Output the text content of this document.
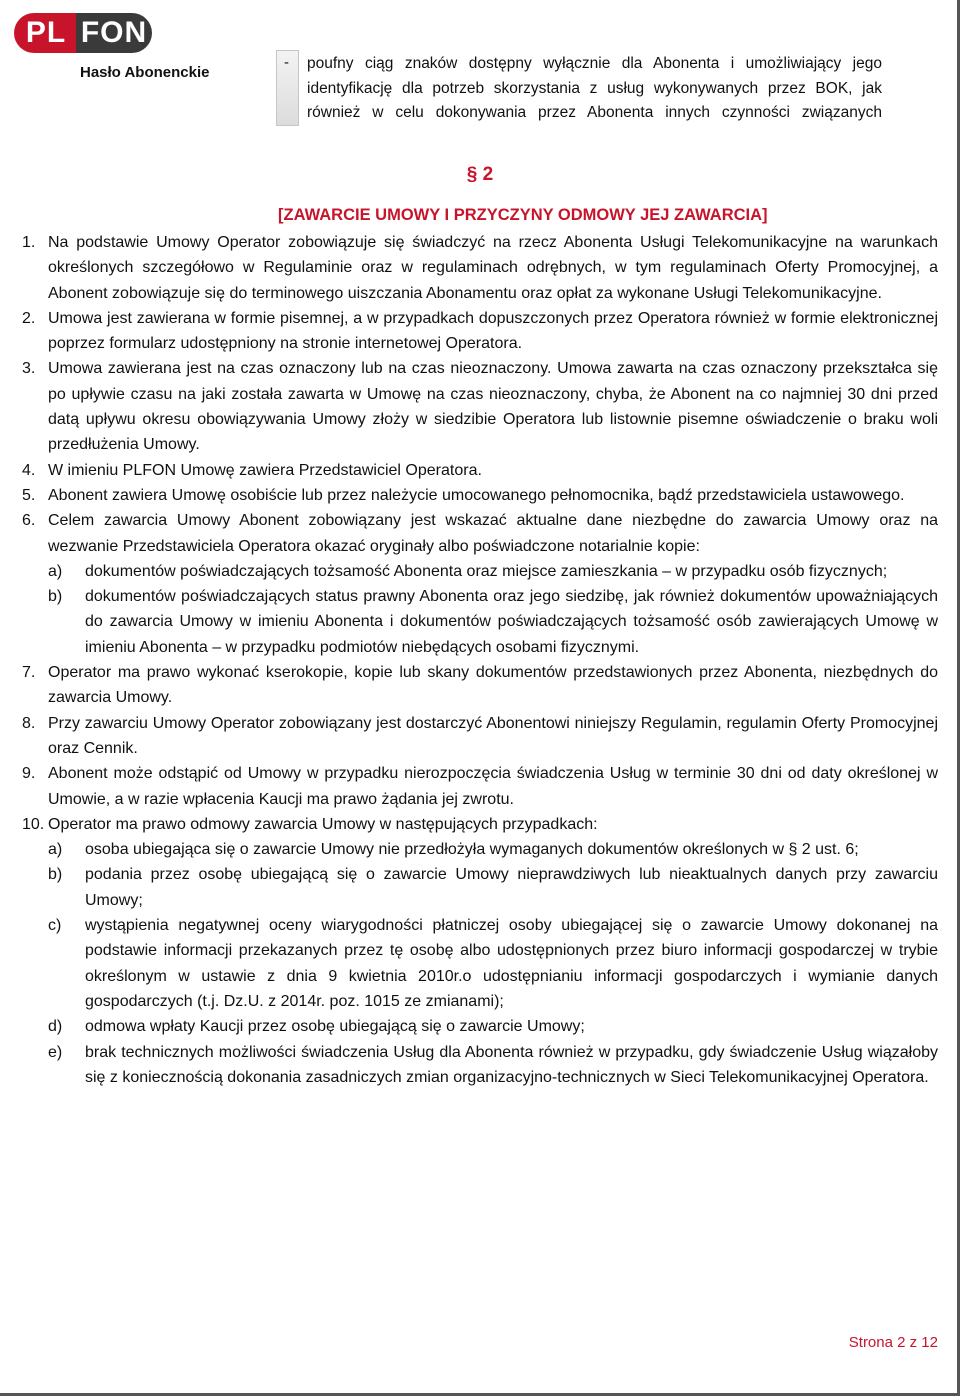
PL FON
Hasło Abonenckie
- poufny ciąg znaków dostępny wyłącznie dla Abonenta i umożliwiający jego identyfikację dla potrzeb skorzystania z usług wykonywanych przez BOK, jak również w celu dokonywania przez Abonenta innych czynności związanych
§ 2
[ZAWARCIE UMOWY I PRZYCZYNY ODMOWY JEJ ZAWARCIA]
1. Na podstawie Umowy Operator zobowiązuje się świadczyć na rzecz Abonenta Usługi Telekomunikacyjne na warunkach określonych szczegółowo w Regulaminie oraz w regulaminach odrębnych, w tym regulaminach Oferty Promocyjnej, a Abonent zobowiązuje się do terminowego uiszczania Abonamentu oraz opłat za wykonane Usługi Telekomunikacyjne.

2. Umowa jest zawierana w formie pisemnej, a w przypadkach dopuszczonych przez Operatora również w formie elektronicznej poprzez formularz udostępniony na stronie internetowej Operatora.

3. Umowa zawierana jest na czas oznaczony lub na czas nieoznaczony. Umowa zawarta na czas oznaczony przekształca się po upływie czasu na jaki została zawarta w Umowę na czas nieoznaczony, chyba, że Abonent na co najmniej 30 dni przed datą upływu okresu obowiązywania Umowy złoży w siedzibie Operatora lub listownie pisemne oświadczenie o braku woli przedłużenia Umowy.

4. W imieniu PLFON Umowę zawiera Przedstawiciel Operatora.

5. Abonent zawiera Umowę osobiście lub przez należycie umocowanego pełnomocnika, bądź przedstawiciela ustawowego.

6. Celem zawarcia Umowy Abonent zobowiązany jest wskazać aktualne dane niezbędne do zawarcia Umowy oraz na wezwanie Przedstawiciela Operatora okazać oryginały albo poświadczone notarialnie kopie:

a) dokumentów poświadczających tożsamość Abonenta oraz miejsce zamieszkania – w przypadku osób fizycznych;

b) dokumentów poświadczających status prawny Abonenta oraz jego siedzibę, jak również dokumentów upoważniających do zawarcia Umowy w imieniu Abonenta i dokumentów poświadczających tożsamość osób zawierających Umowę w imieniu Abonenta – w przypadku podmiotów niebędących osobami fizycznymi.

7. Operator ma prawo wykonać kserokopie, kopie lub skany dokumentów przedstawionych przez Abonenta, niezbędnych do zawarcia Umowy.

8. Przy zawarciu Umowy Operator zobowiązany jest dostarczyć Abonentowi niniejszy Regulamin, regulamin Oferty Promocyjnej oraz Cennik.

9. Abonent może odstąpić od Umowy w przypadku nierozpoczęcia świadczenia Usług w terminie 30 dni od daty określonej w Umowie, a w razie wpłacenia Kaucji ma prawo żądania jej zwrotu.

10. Operator ma prawo odmowy zawarcia Umowy w następujących przypadkach:

a) osoba ubiegająca się o zawarcie Umowy nie przedłożyła wymaganych dokumentów określonych w § 2 ust. 6;

b) podania przez osobę ubiegającą się o zawarcie Umowy nieprawdziwych lub nieaktualnych danych przy zawarciu Umowy;

c) wystąpienia negatywnej oceny wiarygodności płatniczej osoby ubiegającej się o zawarcie Umowy dokonanej na podstawie informacji przekazanych przez tę osobę albo udostępnionych przez biuro informacji gospodarczej w trybie określonym w ustawie z dnia 9 kwietnia 2010r.o udostępnianiu informacji gospodarczych i wymianie danych gospodarczych (t.j. Dz.U. z 2014r. poz. 1015 ze zmianami);

d) odmowa wpłaty Kaucji przez osobę ubiegającą się o zawarcie Umowy;

e) brak technicznych możliwości świadczenia Usług dla Abonenta również w przypadku, gdy świadczenie Usług wiązałoby się z koniecznością dokonania zasadniczych zmian organizacyjno-technicznych w Sieci Telekomunikacyjnej Operatora.

Strona 2 z 12
